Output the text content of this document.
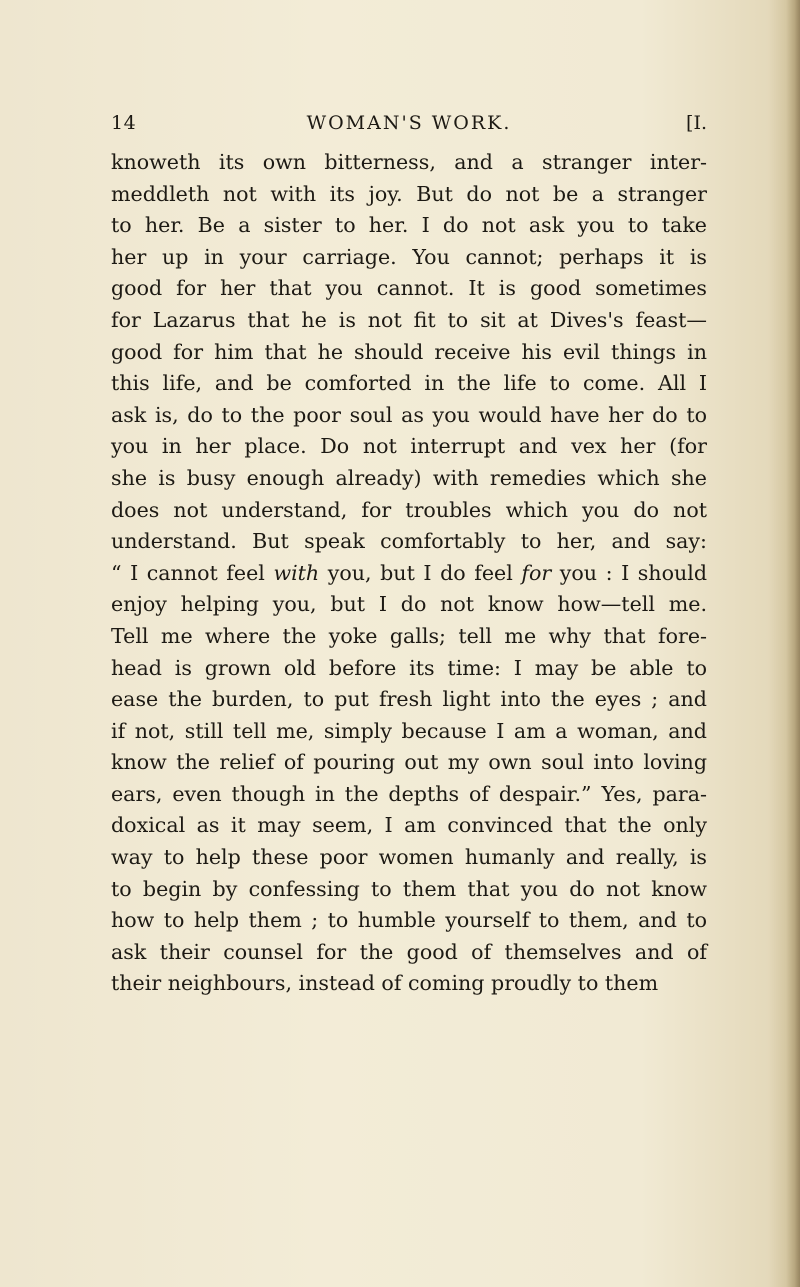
14	WOMAN'S WORK.	[I.
knoweth its own bitterness, and a stranger inter-
meddleth not with its joy. But do not be a stranger
to her. Be a sister to her. I do not ask you to take
her up in your carriage. You cannot; perhaps it is
good for her that you cannot. It is good sometimes
for Lazarus that he is not fit to sit at Dives's feast—
good for him that he should receive his evil things in
this life, and be comforted in the life to come. All I
ask is, do to the poor soul as you would have her do to
you in her place. Do not interrupt and vex her (for
she is busy enough already) with remedies which she
does not understand, for troubles which you do not
understand. But speak comfortably to her, and say:
“ I cannot feel with you, but I do feel for you : I should
enjoy helping you, but I do not know how—tell me.
Tell me where the yoke galls; tell me why that fore-
head is grown old before its time: I may be able to
ease the burden, to put fresh light into the eyes ; and
if not, still tell me, simply because I am a woman, and
know the relief of pouring out my own soul into loving
ears, even though in the depths of despair.” Yes, para-
doxical as it may seem, I am convinced that the only
way to help these poor women humanly and really, is
to begin by confessing to them that you do not know
how to help them ; to humble yourself to them, and to
ask their counsel for the good of themselves and of
their neighbours, instead of coming proudly to them
